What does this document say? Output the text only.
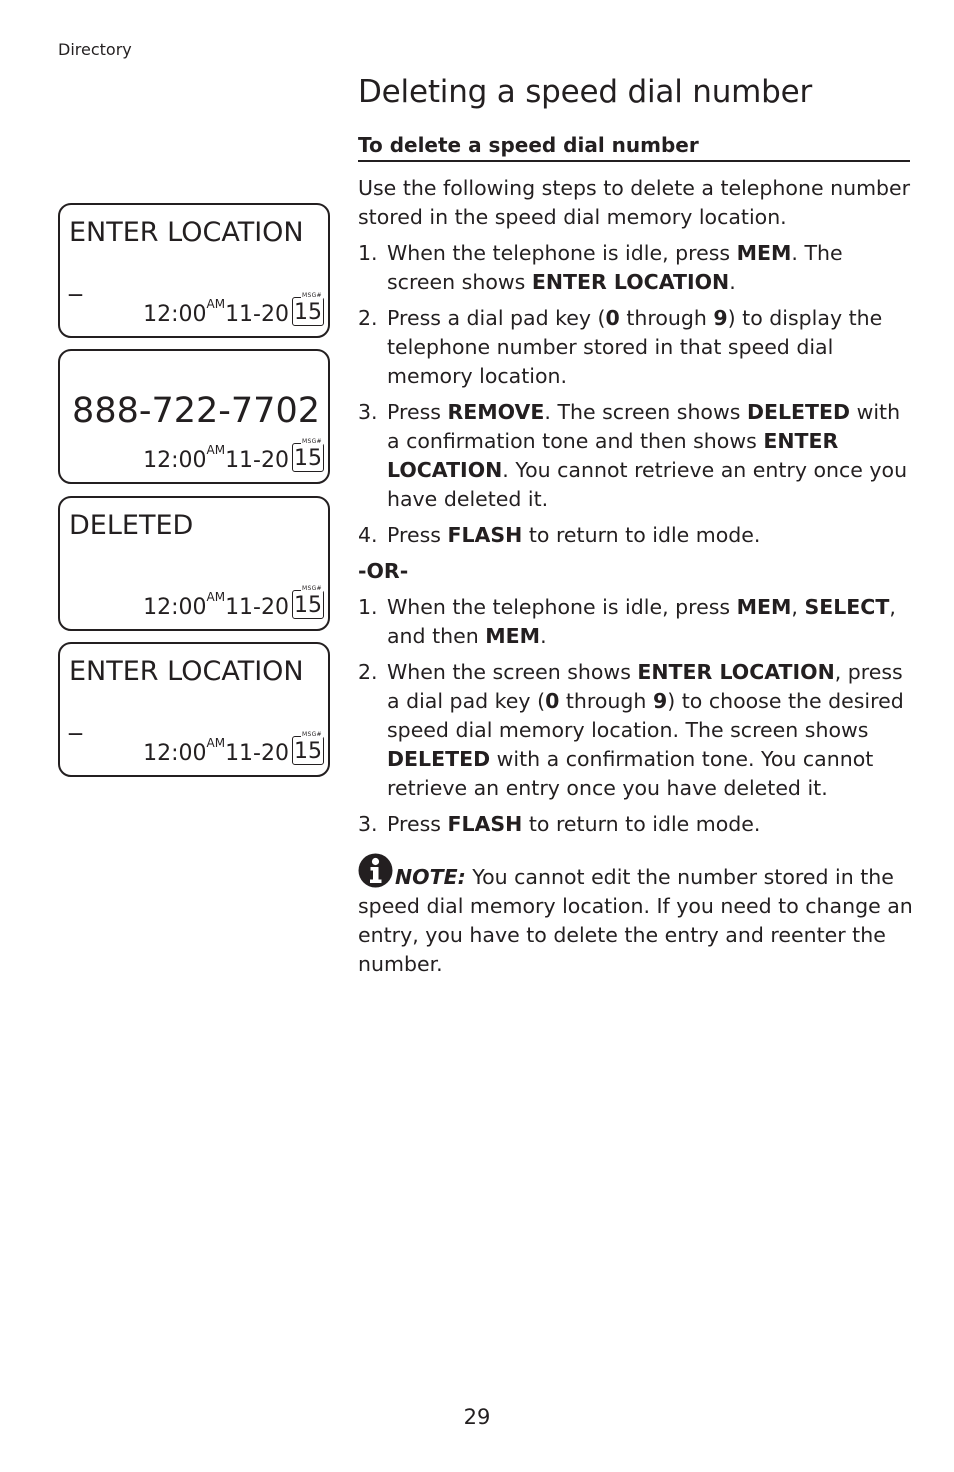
Directory
Deleting a speed dial number
To delete a speed dial number
ENTER LOCATION
_
12:00 AM 11-20
MSG#
15
888-722-7702
12:00 AM 11-20
MSG#
15
DELETED
12:00 AM 11-20
MSG#
15
ENTER LOCATION
_
12:00 AM 11-20
MSG#
15

Use the following steps to delete a telephone number stored in the speed dial memory location.

1. When the telephone is idle, press MEM. The screen shows ENTER LOCATION.
2. Press a dial pad key (0 through 9) to display the telephone number stored in that speed dial memory location.
3. Press REMOVE. The screen shows DELETED with a confirmation tone and then shows ENTER LOCATION. You cannot retrieve an entry once you have deleted it.
4. Press FLASH to return to idle mode.

-OR-

1. When the telephone is idle, press MEM, SELECT, and then MEM.
2. When the screen shows ENTER LOCATION, press a dial pad key (0 through 9) to choose the desired speed dial memory location. The screen shows DELETED with a confirmation tone. You cannot retrieve an entry once you have deleted it.
3. Press FLASH to return to idle mode.

NOTE: You cannot edit the number stored in the speed dial memory location. If you need to change an entry, you have to delete the entry and reenter the number.

29
